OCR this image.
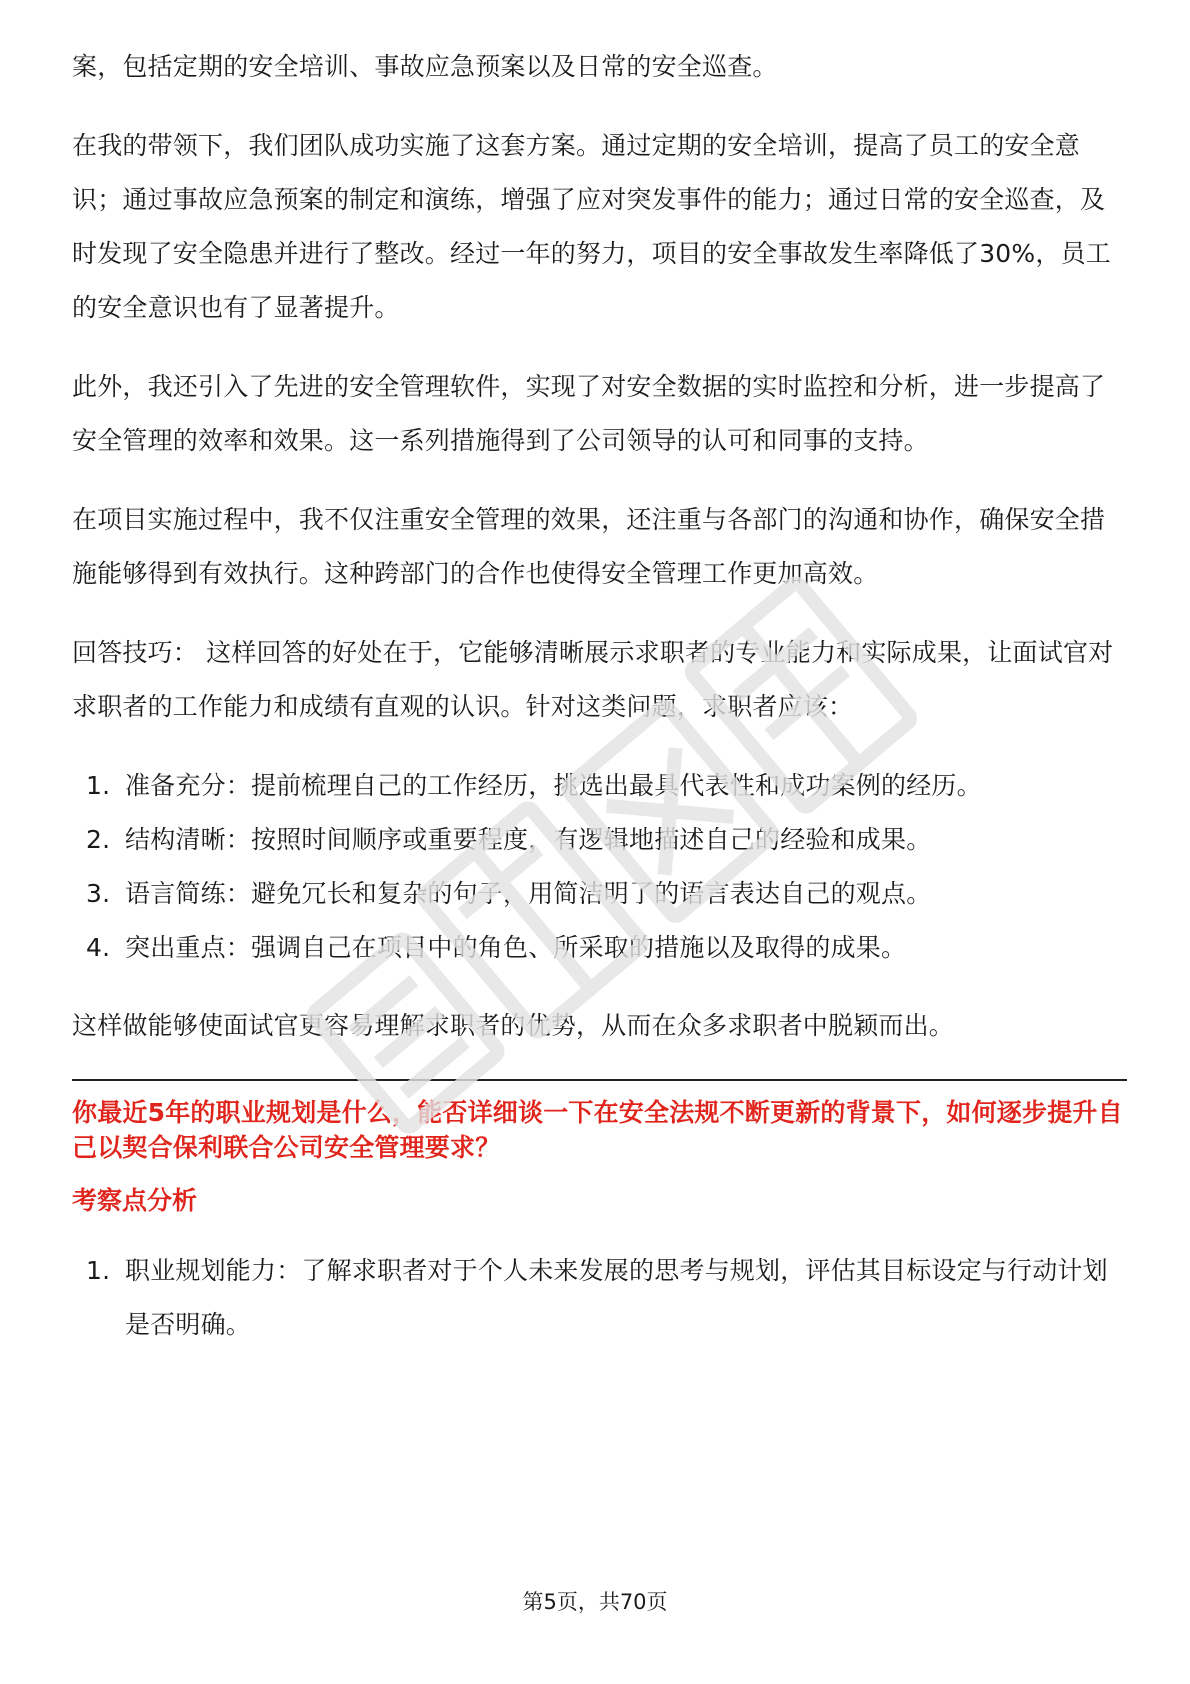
案，包括定期的安全培训、事故应急预案以及日常的安全巡查。

在我的带领下，我们团队成功实施了这套方案。通过定期的安全培训，提高了员工的安全意识；通过事故应急预案的制定和演练，增强了应对突发事件的能力；通过日常的安全巡查，及时发现了安全隐患并进行了整改。经过一年的努力，项目的安全事故发生率降低了30%，员工的安全意识也有了显著提升。

此外，我还引入了先进的安全管理软件，实现了对安全数据的实时监控和分析，进一步提高了安全管理的效率和效果。这一系列措施得到了公司领导的认可和同事的支持。

在项目实施过程中，我不仅注重安全管理的效果，还注重与各部门的沟通和协作，确保安全措施能够得到有效执行。这种跨部门的合作也使得安全管理工作更加高效。

回答技巧： 这样回答的好处在于，它能够清晰展示求职者的专业能力和实际成果，让面试官对求职者的工作能力和成绩有直观的认识。针对这类问题，求职者应该：

1. 准备充分：提前梳理自己的工作经历，挑选出最具代表性和成功案例的经历。
2. 结构清晰：按照时间顺序或重要程度，有逻辑地描述自己的经验和成果。
3. 语言简练：避免冗长和复杂的句子，用简洁明了的语言表达自己的观点。
4. 突出重点：强调自己在项目中的角色、所采取的措施以及取得的成果。

这样做能够使面试官更容易理解求职者的优势，从而在众多求职者中脱颖而出。

你最近5年的职业规划是什么，能否详细谈一下在安全法规不断更新的背景下，如何逐步提升自己以契合保利联合公司安全管理要求？
考察点分析
1. 职业规划能力：了解求职者对于个人未来发展的思考与规划，评估其目标设定与行动计划是否明确。
第5页，共70页
